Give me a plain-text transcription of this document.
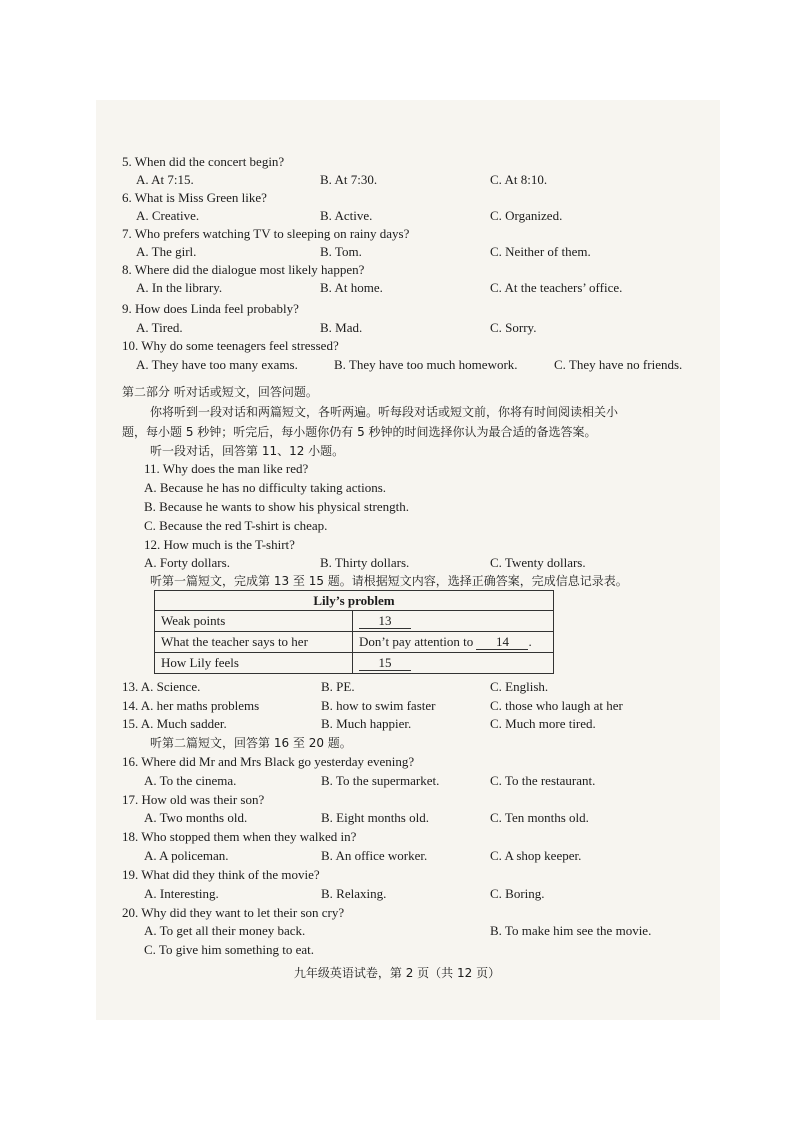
5. When did the concert begin?
A. At 7:15.	B. At 7:30.	C. At 8:10.
6. What is Miss Green like?
A. Creative.	B. Active.	C. Organized.
7. Who prefers watching TV to sleeping on rainy days?
A. The girl.	B. Tom.	C. Neither of them.
8. Where did the dialogue most likely happen?
A. In the library.	B. At home.	C. At the teachers’ office.
9. How does Linda feel probably?
A. Tired.	B. Mad.	C. Sorry.
10. Why do some teenagers feel stressed?
A. They have too many exams.	B. They have too much homework.	C. They have no friends.
第二部分 听对话或短文，回答问题。
你将听到一段对话和两篇短文，各听两遍。听每段对话或短文前，你将有时间阅读相关小
题，每小题 5 秒钟；听完后，每小题你仍有 5 秒钟的时间选择你认为最合适的备选答案。
听一段对话，回答第 11、12 小题。
11. Why does the man like red?
A. Because he has no difficulty taking actions.
B. Because he wants to show his physical strength.
C. Because the red T-shirt is cheap.
12. How much is the T-shirt?
A. Forty dollars.	B. Thirty dollars.	C. Twenty dollars.
听第一篇短文，完成第 13 至 15 题。请根据短文内容，选择正确答案，完成信息记录表。
Lily’s problem	
Weak points	13
What the teacher says to her	Don’t pay attention to 14 .
How Lily feels	15
13. A. Science.	B. PE.	C. English.
14. A. her maths problems	B. how to swim faster	C. those who laugh at her
15. A. Much sadder.	B. Much happier.	C. Much more tired.
听第二篇短文，回答第 16 至 20 题。
16. Where did Mr and Mrs Black go yesterday evening?
A. To the cinema.	B. To the supermarket.	C. To the restaurant.
17. How old was their son?
A. Two months old.	B. Eight months old.	C. Ten months old.
18. Who stopped them when they walked in?
A. A policeman.	B. An office worker.	C. A shop keeper.
19. What did they think of the movie?
A. Interesting.	B. Relaxing.	C. Boring.
20. Why did they want to let their son cry?
A. To get all their money back.	B. To make him see the movie.
C. To give him something to eat.
九年级英语试卷，第 2 页（共 12 页）
